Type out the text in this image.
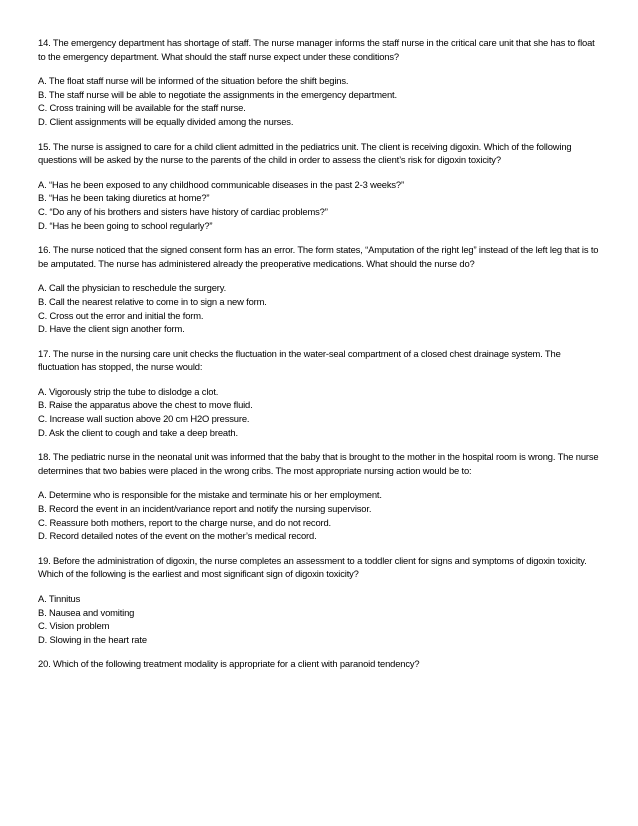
14. The emergency department has shortage of staff. The nurse manager informs the staff nurse in the critical care unit that she has to float to the emergency department. What should the staff nurse expect under these conditions?
A. The float staff nurse will be informed of the situation before the shift begins.
B. The staff nurse will be able to negotiate the assignments in the emergency department.
C. Cross training will be available for the staff nurse.
D. Client assignments will be equally divided among the nurses.
15. The nurse is assigned to care for a child client admitted in the pediatrics unit. The client is receiving digoxin. Which of the following questions will be asked by the nurse to the parents of the child in order to assess the client’s risk for digoxin toxicity?
A. “Has he been exposed to any childhood communicable diseases in the past 2-3 weeks?”
B. “Has he been taking diuretics at home?”
C. “Do any of his brothers and sisters have history of cardiac problems?”
D. “Has he been going to school regularly?”
16. The nurse noticed that the signed consent form has an error. The form states, “Amputation of the right leg” instead of the left leg that is to be amputated. The nurse has administered already the preoperative medications. What should the nurse do?
A. Call the physician to reschedule the surgery.
B. Call the nearest relative to come in to sign a new form.
C. Cross out the error and initial the form.
D. Have the client sign another form.
17. The nurse in the nursing care unit checks the fluctuation in the water-seal compartment of a closed chest drainage system. The fluctuation has stopped, the nurse would:
A. Vigorously strip the tube to dislodge a clot.
B. Raise the apparatus above the chest to move fluid.
C. Increase wall suction above 20 cm H2O pressure.
D. Ask the client to cough and take a deep breath.
18. The pediatric nurse in the neonatal unit was informed that the baby that is brought to the mother in the hospital room is wrong. The nurse determines that two babies were placed in the wrong cribs. The most appropriate nursing action would be to:
A. Determine who is responsible for the mistake and terminate his or her employment.
B. Record the event in an incident/variance report and notify the nursing supervisor.
C. Reassure both mothers, report to the charge nurse, and do not record.
D. Record detailed notes of the event on the mother’s medical record.
19. Before the administration of digoxin, the nurse completes an assessment to a toddler client for signs and symptoms of digoxin toxicity. Which of the following is the earliest and most significant sign of digoxin toxicity?
A. Tinnitus
B. Nausea and vomiting
C. Vision problem
D. Slowing in the heart rate
20. Which of the following treatment modality is appropriate for a client with paranoid tendency?
